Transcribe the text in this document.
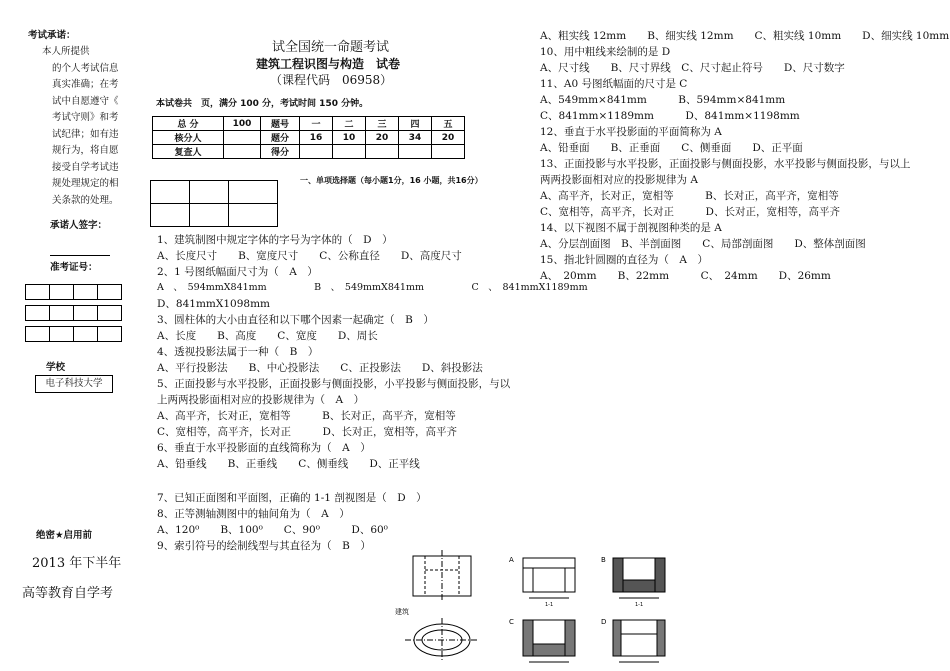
考试承诺：
本人所提供
的个人考试信息
真实准确；在考
试中自愿遵守《
考试守则》和考
试纪律；如有违
规行为，将自愿
接受自学考试违
规处理规定的相
关条款的处理。
承诺人签字：
准考证号：

学校
电子科技大学
绝密★启用前
2013 年下半年
高等教育自学考
试全国统一命题考试
建筑工程识图与构造　试卷
（课程代码　06958）
本试卷共　页，满分 100 分，考试时间 150 分钟。
总 分	100	题号	一	二	三	四	五
核分人		题分	16	10	20	34	20
复查人		得分					

一、单项选择题（每小题1分，16 小题，共16分）
1、建筑制图中规定字体的字号为字体的（　D　）
A、长度尺寸　　B、宽度尺寸　　C、公称直径　　D、高度尺寸
2、1 号图纸幅面尺寸为（　A　）
A　、　594mmX841mm　　　　　B　、　549mmX841mm　　　　　C　、　841mmX1189mm
D、841mmX1098mm
3、圆柱体的大小由直径和以下哪个因素一起确定（　B　）
A、长度　　B、高度　　C、宽度　　D、周长
4、透视投影法属于一种（　B　）
A、平行投影法　　B、中心投影法　　C、正投影法　　D、斜投影法
5、正面投影与水平投影，正面投影与侧面投影，小平投影与侧面投影，与以
上两两投影面相对应的投影规律为（　A　）
A、高平齐，长对正，宽相等　　　B、长对正，高平齐，宽相等
C、宽相等，高平齐，长对正　　　D、长对正，宽相等，高平齐
6、垂直于水平投影面的直线简称为（　A　）
A、铅垂线　　B、正垂线　　C、侧垂线　　D、正平线
7、已知正面图和平面图，正确的 1-1 剖视图是（　D　）
8、正等测轴测图中的轴间角为（　A　）
A、120⁰　　B、100⁰　　C、90⁰　　　D、60⁰
9、索引符号的绘制线型与其直径为（　B　）
A、粗实线 12mm　　B、细实线 12mm　　C、粗实线 10mm　　D、细实线 10mm
10、用中粗线来绘制的是 D
A、尺寸线　　B、尺寸界线　C、尺寸起止符号　　D、尺寸数字
11、A0 号图纸幅面的尺寸是 C
A、549mm×841mm　　　B、594mm×841mm
C、841mm×1189mm　　　D、841mm×1198mm
12、垂直于水平投影面的平面简称为 A
A、铅垂面　　B、正垂面　　C、侧垂面　　D、正平面
13、正面投影与水平投影，正面投影与侧面投影，水平投影与侧面投影，与以上
两两投影面相对应的投影规律为 A
A、高平齐，长对正，宽相等　　　B、长对正，高平齐，宽相等
C、宽相等，高平齐，长对正　　　D、长对正，宽相等，高平齐
14、以下视图不属于剖视图种类的是 A
A、分层剖面图　B、半剖面图　　C、局部剖面图　　D、整体剖面图
15、指北针圆圈的直径为（　A　）
A、　20mm　　B、22mm　　　C、　24mm　　D、26mm
建筑
A	B
C	D
1-1	1-1
